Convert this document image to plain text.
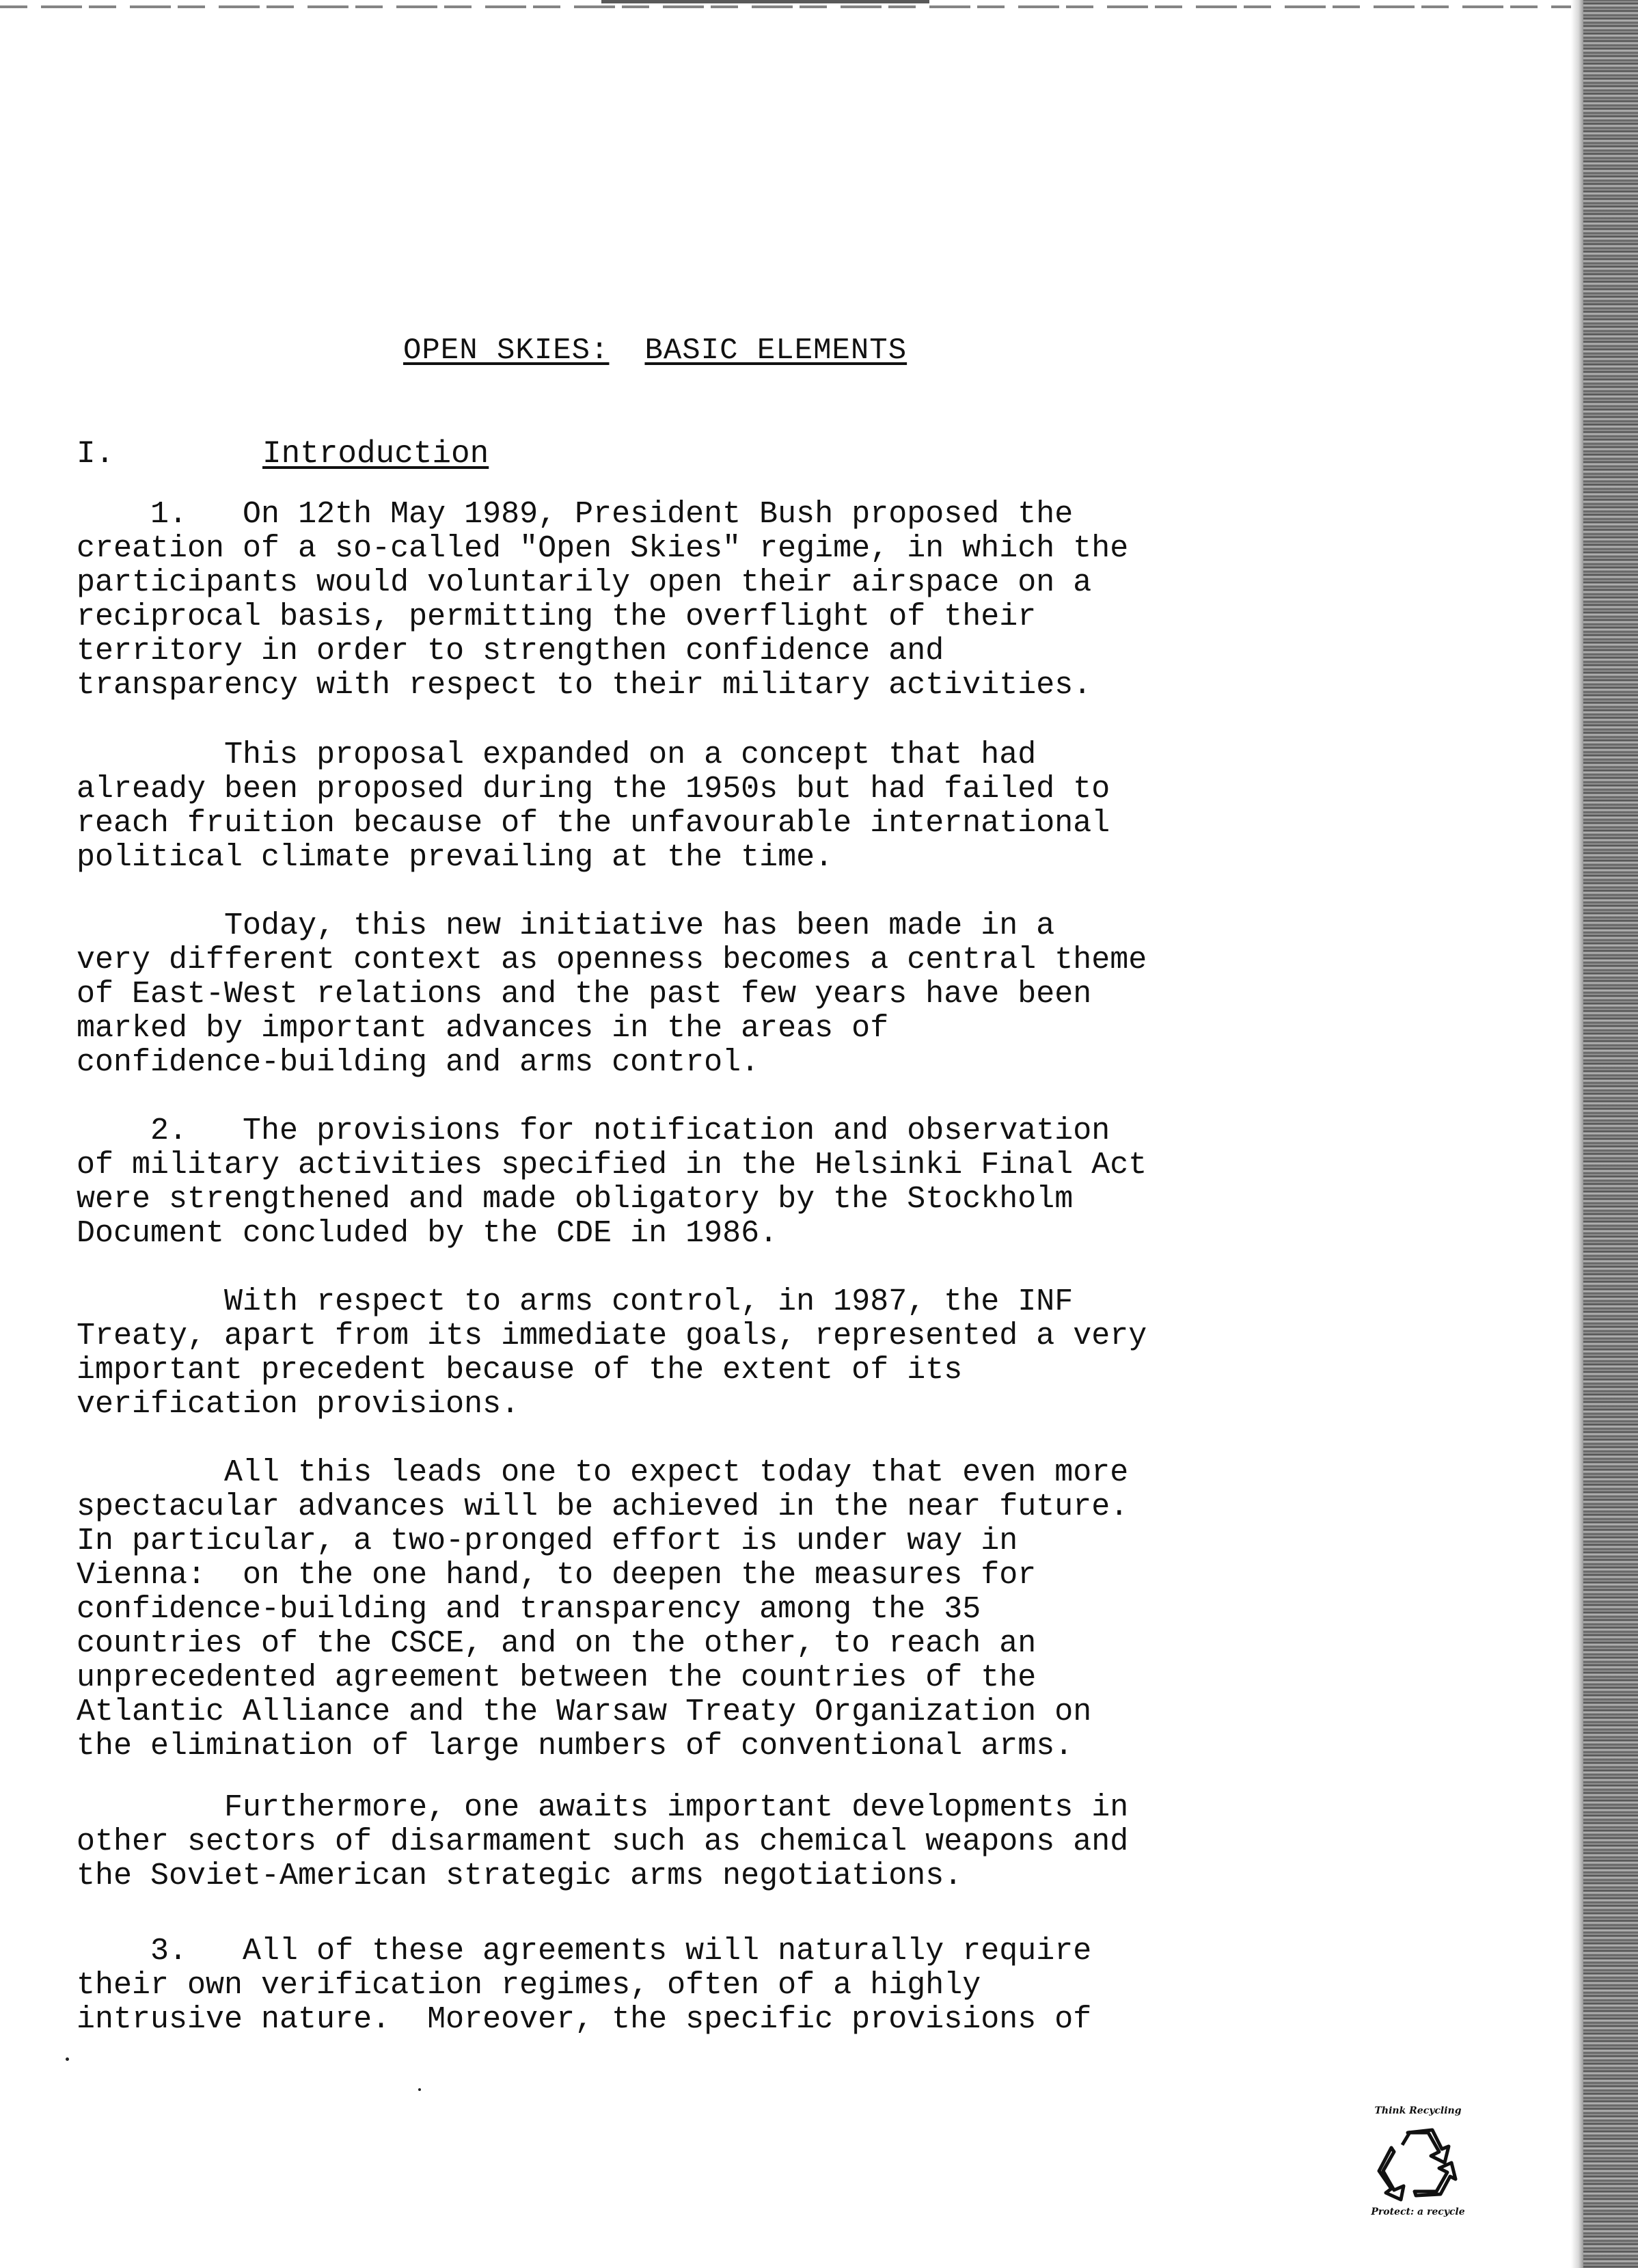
OPEN SKIES: BASIC ELEMENTS
I.	Introduction

1.   On 12th May 1989, President Bush proposed the
creation of a so-called "Open Skies" regime, in which the
participants would voluntarily open their airspace on a
reciprocal basis, permitting the overflight of their
territory in order to strengthen confidence and
transparency with respect to their military activities.

This proposal expanded on a concept that had
already been proposed during the 1950s but had failed to
reach fruition because of the unfavourable international
political climate prevailing at the time.

Today, this new initiative has been made in a
very different context as openness becomes a central theme
of East-West relations and the past few years have been
marked by important advances in the areas of
confidence-building and arms control.

2.   The provisions for notification and observation
of military activities specified in the Helsinki Final Act
were strengthened and made obligatory by the Stockholm
Document concluded by the CDE in 1986.

With respect to arms control, in 1987, the INF
Treaty, apart from its immediate goals, represented a very
important precedent because of the extent of its
verification provisions.

All this leads one to expect today that even more
spectacular advances will be achieved in the near future.
In particular, a two-pronged effort is under way in
Vienna:  on the one hand, to deepen the measures for
confidence-building and transparency among the 35
countries of the CSCE, and on the other, to reach an
unprecedented agreement between the countries of the
Atlantic Alliance and the Warsaw Treaty Organization on
the elimination of large numbers of conventional arms.

Furthermore, one awaits important developments in
other sectors of disarmament such as chemical weapons and
the Soviet-American strategic arms negotiations.

3.   All of these agreements will naturally require
their own verification regimes, often of a highly
intrusive nature.  Moreover, the specific provisions of

Think Recycling
Protect: a recycle
